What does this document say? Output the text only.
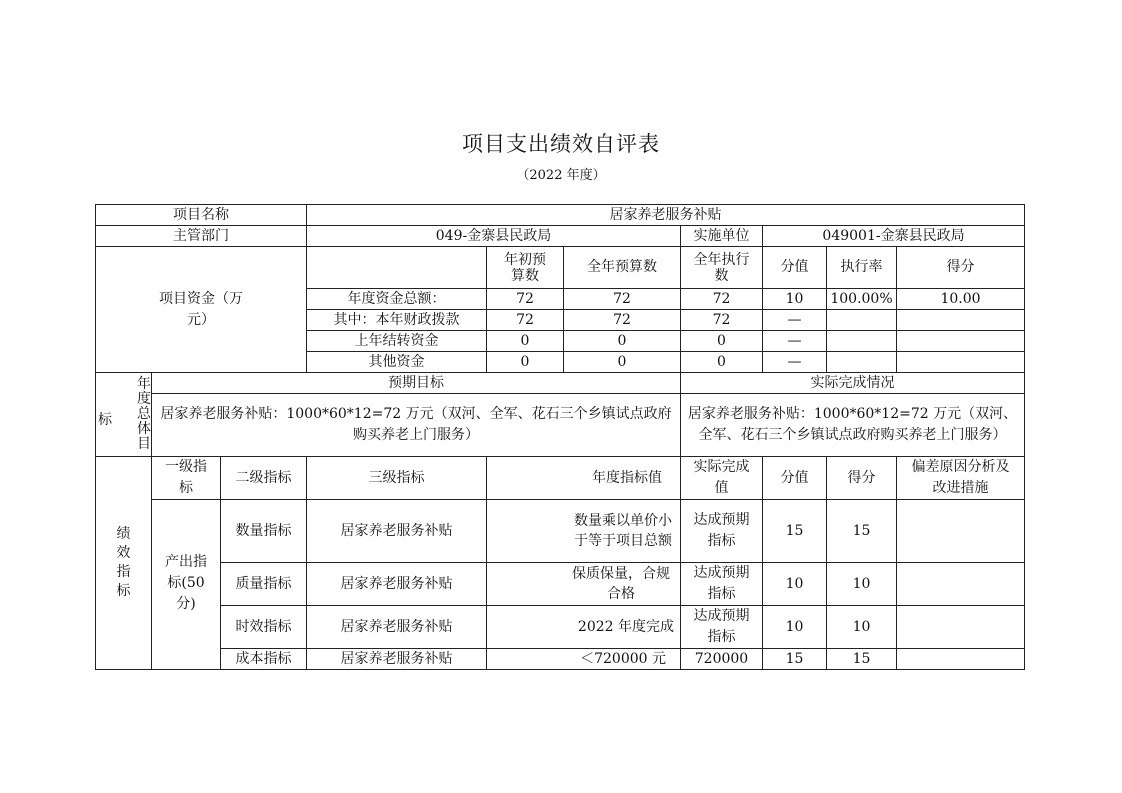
项目支出绩效自评表
（2022 年度）
项目名称			居家养老服务补贴						
主管部门			049-金寨县民政局			实施单位	049001-金寨县民政局		

项目资金（万元）				年初预算数	全年预算数	全年执行数	分值	执行率	得分
			年度资金总额：	72	72	72	10	100.00%	10.00
			其中：本年财政拨款	72	72	72	—		
			上年结转资金	0	0	0	—		
			其他资金	0	0	0	—		

标
年度总体目	预期目标					实际完成情况			

	居家养老服务补贴：1000*60*12=72 万元（双河、全军、花石三个乡镇试点政府购买养老上门服务）					居家养老服务补贴：1000*60*12=72 万元（双河、全军、花石三个乡镇试点政府购买养老上门服务）			

绩效指标	一级指标	二级指标	三级指标	年度指标值		实际完成值	分值	得分	偏差原因分析及改进措施

	产出指标(50 分)	数量指标	居家养老服务补贴	数量乘以单价小于等于项目总额		达成预期指标	15	15	
		质量指标	居家养老服务补贴	保质保量，合规合格		达成预期指标	10	10	
		时效指标	居家养老服务补贴	2022 年度完成		达成预期指标	10	10	
		成本指标	居家养老服务补贴	＜720000 元		720000	15	15	
